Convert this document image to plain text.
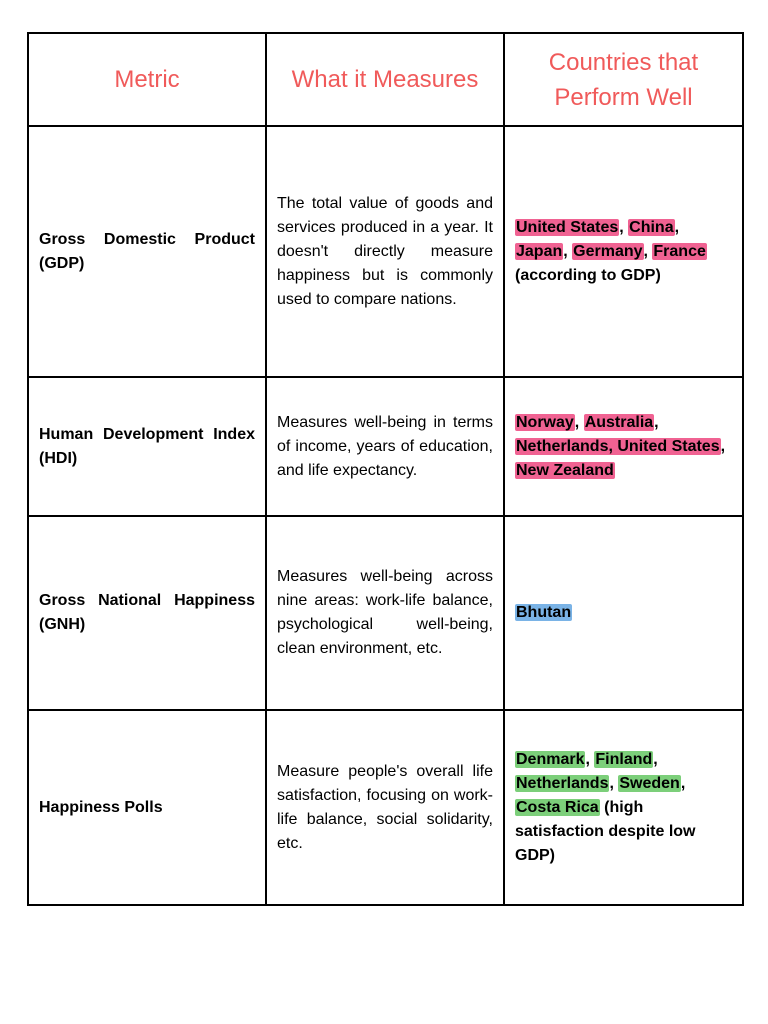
Metric	What it Measures	Countries that Perform Well
Gross Domestic Product (GDP)	The total value of goods and services produced in a year. It doesn't directly measure happiness but is commonly used to compare nations.	United States, China, Japan, Germany, France (according to GDP)
Human Development Index (HDI)	Measures well-being in terms of income, years of education, and life expectancy.	Norway, Australia, Netherlands, United States, New Zealand
Gross National Happiness (GNH)	Measures well-being across nine areas: work-life balance, psychological well-being, clean environment, etc.	Bhutan
Happiness Polls	Measure people's overall life satisfaction, focusing on work-life balance, social solidarity, etc.	Denmark, Finland, Netherlands, Sweden, Costa Rica (high satisfaction despite low GDP)
